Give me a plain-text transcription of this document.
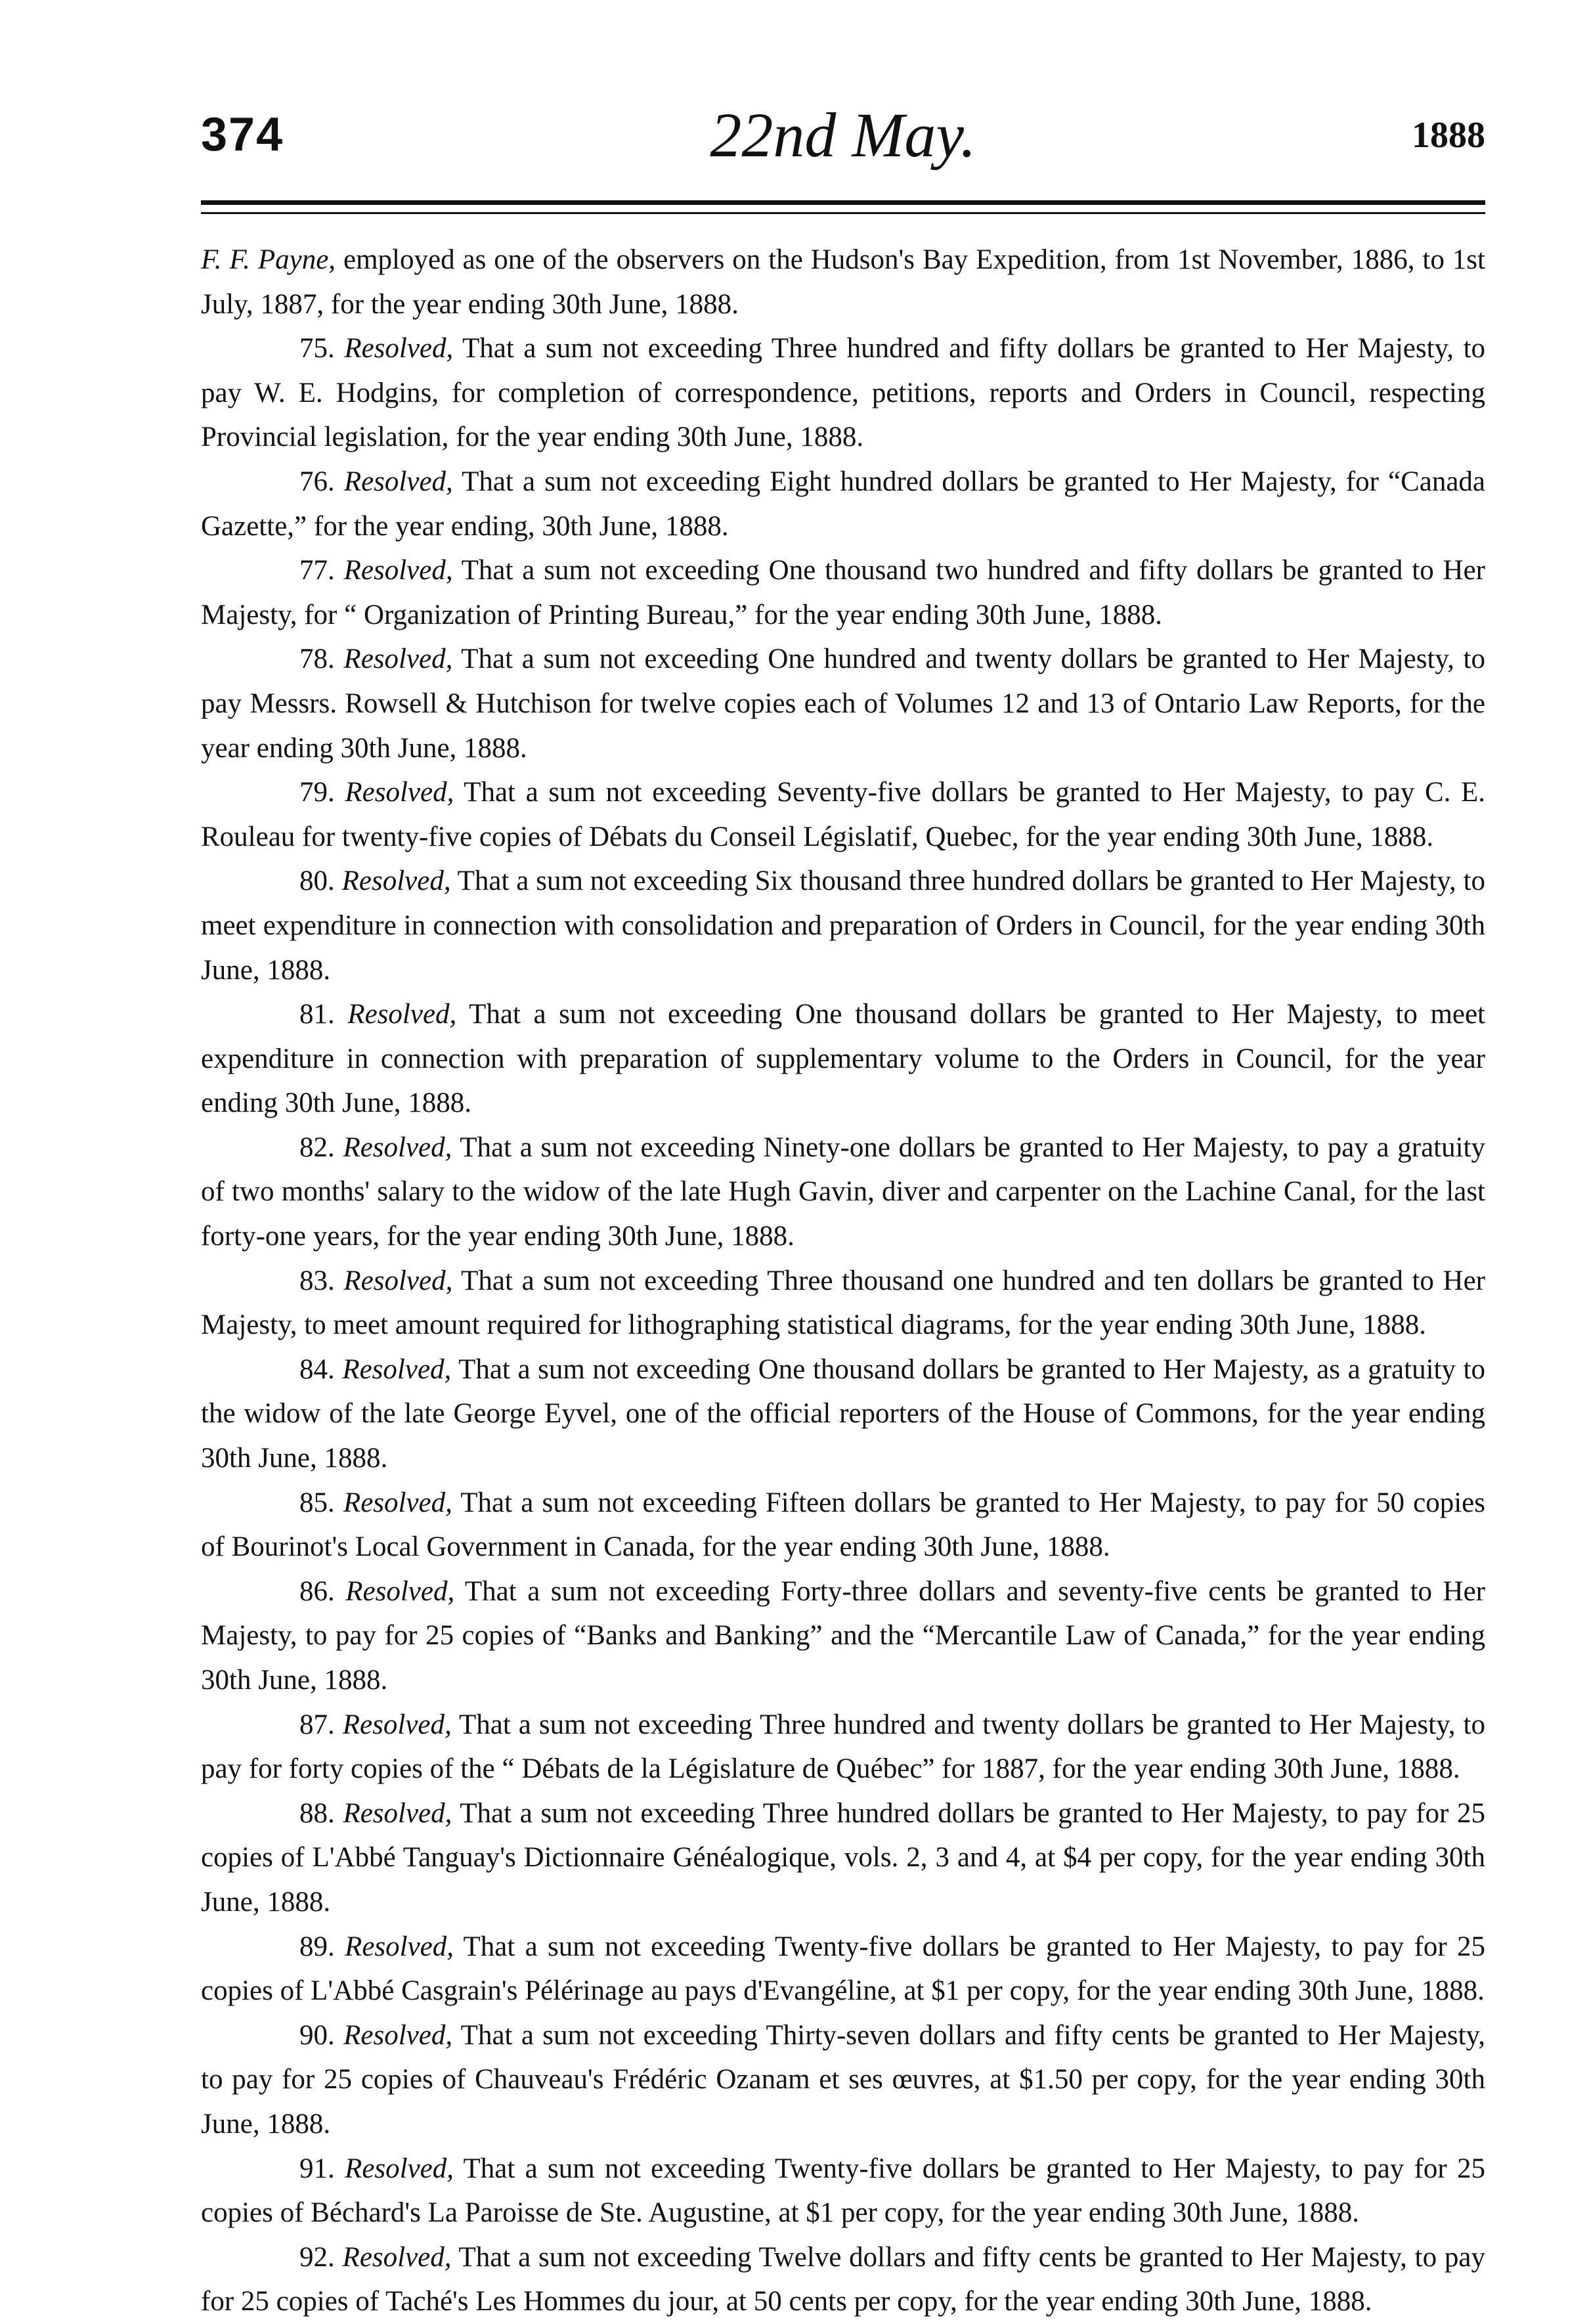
374	22nd May.	1888

F. F. Payne, employed as one of the observers on the Hudson's Bay Expedition, from 1st November, 1886, to 1st July, 1887, for the year ending 30th June, 1888.

75. Resolved, That a sum not exceeding Three hundred and fifty dollars be granted to Her Majesty, to pay W. E. Hodgins, for completion of correspondence, petitions, reports and Orders in Council, respecting Provincial legislation, for the year ending 30th June, 1888.

76. Resolved, That a sum not exceeding Eight hundred dollars be granted to Her Majesty, for “Canada Gazette,” for the year ending, 30th June, 1888.

77. Resolved, That a sum not exceeding One thousand two hundred and fifty dollars be granted to Her Majesty, for “ Organization of Printing Bureau,” for the year ending 30th June, 1888.

78. Resolved, That a sum not exceeding One hundred and twenty dollars be granted to Her Majesty, to pay Messrs. Rowsell & Hutchison for twelve copies each of Volumes 12 and 13 of Ontario Law Reports, for the year ending 30th June, 1888.

79. Resolved, That a sum not exceeding Seventy-five dollars be granted to Her Majesty, to pay C. E. Rouleau for twenty-five copies of Débats du Conseil Législatif, Quebec, for the year ending 30th June, 1888.

80. Resolved, That a sum not exceeding Six thousand three hundred dollars be granted to Her Majesty, to meet expenditure in connection with consolidation and preparation of Orders in Council, for the year ending 30th June, 1888.

81. Resolved, That a sum not exceeding One thousand dollars be granted to Her Majesty, to meet expenditure in connection with preparation of supplementary volume to the Orders in Council, for the year ending 30th June, 1888.

82. Resolved, That a sum not exceeding Ninety-one dollars be granted to Her Majesty, to pay a gratuity of two months' salary to the widow of the late Hugh Gavin, diver and carpenter on the Lachine Canal, for the last forty-one years, for the year ending 30th June, 1888.

83. Resolved, That a sum not exceeding Three thousand one hundred and ten dollars be granted to Her Majesty, to meet amount required for lithographing statistical diagrams, for the year ending 30th June, 1888.

84. Resolved, That a sum not exceeding One thousand dollars be granted to Her Majesty, as a gratuity to the widow of the late George Eyvel, one of the official reporters of the House of Commons, for the year ending 30th June, 1888.

85. Resolved, That a sum not exceeding Fifteen dollars be granted to Her Majesty, to pay for 50 copies of Bourinot's Local Government in Canada, for the year ending 30th June, 1888.

86. Resolved, That a sum not exceeding Forty-three dollars and seventy-five cents be granted to Her Majesty, to pay for 25 copies of “Banks and Banking” and the “Mercantile Law of Canada,” for the year ending 30th June, 1888.

87. Resolved, That a sum not exceeding Three hundred and twenty dollars be granted to Her Majesty, to pay for forty copies of the “ Débats de la Législature de Québec” for 1887, for the year ending 30th June, 1888.

88. Resolved, That a sum not exceeding Three hundred dollars be granted to Her Majesty, to pay for 25 copies of L'Abbé Tanguay's Dictionnaire Généalogique, vols. 2, 3 and 4, at $4 per copy, for the year ending 30th June, 1888.

89. Resolved, That a sum not exceeding Twenty-five dollars be granted to Her Majesty, to pay for 25 copies of L'Abbé Casgrain's Pélérinage au pays d'Evangéline, at $1 per copy, for the year ending 30th June, 1888.

90. Resolved, That a sum not exceeding Thirty-seven dollars and fifty cents be granted to Her Majesty, to pay for 25 copies of Chauveau's Frédéric Ozanam et ses œuvres, at $1.50 per copy, for the year ending 30th June, 1888.

91. Resolved, That a sum not exceeding Twenty-five dollars be granted to Her Majesty, to pay for 25 copies of Béchard's La Paroisse de Ste. Augustine, at $1 per copy, for the year ending 30th June, 1888.

92. Resolved, That a sum not exceeding Twelve dollars and fifty cents be granted to Her Majesty, to pay for 25 copies of Taché's Les Hommes du jour, at 50 cents per copy, for the year ending 30th June, 1888.
